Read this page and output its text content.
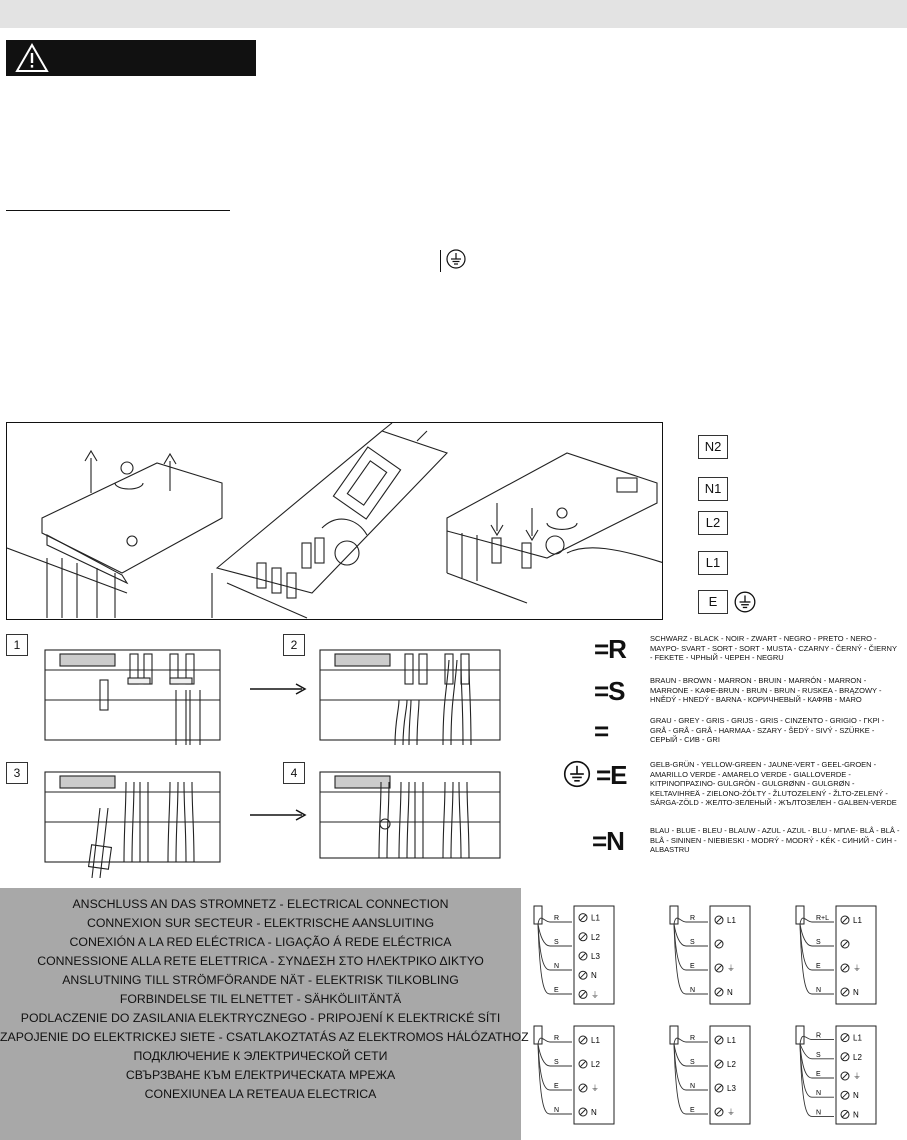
N2
N1
L2
L1
E
1	2
3	4
=R	SCHWARZ - BLACK - NOIR - ZWART - NEGRO - PRETO - NERO - ΜΑΥΡΟ- SVART - SORT - SORT - MUSTA - CZARNY - ČERNÝ - ČIERNY - FEKETE - ЧРНЫЙ - ЧЕРЕН - NEGRU
=S	BRAUN - BROWN - MARRON - BRUIN - MARRÓN - MARRON - MARRONE - ΚΑΦΕ-BRUN - BRUN - BRUN - RUSKEA - BRĄZOWY - HNĚDÝ - HNEDÝ - BARNA - КОРИЧНЕВЫЙ - КАФЯВ - MARO
=	GRAU - GREY - GRIS - GRIJS - GRIS - CINZENTO - GRIGIO - ΓΚΡΙ - GRÅ - GRÅ - GRÅ - HARMAA - SZARY - ŠEDÝ - SIVÝ - SZÜRKE - СЕРЫЙ - СИВ - GRI
=E	GELB-GRÜN - YELLOW-GREEN - JAUNE-VERT - GEEL-GROEN - AMARILLO VERDE - AMARELO VERDE - GIALLOVERDE - ΚΙΤΡΙΝΟΠΡΑΣΙΝΟ- GULGRÖN - GULGRØNN - GULGRØN - KELTAVIHREÄ - ZIELONO-ŻÓŁTY - ŽLUTOZELENÝ - ŽLTO-ZELENÝ - SÁRGA-ZÖLD - ЖЕЛТО-ЗЕЛЕНЫЙ - ЖЪЛТОЗЕЛЕН - GALBEN-VERDE
=N	BLAU - BLUE - BLEU - BLAUW - AZUL - AZUL - BLU - ΜΠΛΕ- BLÅ - BLÅ - BLÅ - SININEN - NIEBIESKI - MODRÝ - MODRÝ - KÉK - СИНИЙ - СИН - ALBASTRU
ANSCHLUSS AN DAS STROMNETZ - ELECTRICAL CONNECTION
CONNEXION SUR SECTEUR - ELEKTRISCHE AANSLUITING
CONEXIÓN A LA RED ELÉCTRICA - LIGAÇÃO Á REDE ELÉCTRICA
CONNESSIONE ALLA RETE ELETTRICA - ΣΥΝΔΕΣΗ ΣΤΟ ΗΛΕΚΤΡΙΚΟ ΔΙΚΤΥΟ
ANSLUTNING TILL STRÖMFÖRANDE NÄT - ELEKTRISK TILKOBLING
FORBINDELSE TIL ELNETTET - SÄHKÖLIITÄNTÄ
PODLACZENIE DO ZASILANIA ELEKTRYCZNEGO - PRIPOJENÍ K ELEKTRICKÉ SÍTI
ZAPOJENIE DO ELEKTRICKEJ SIETE - CSATLAKOZTATÁS AZ ELEKTROMOS HÁLÓZATHOZ
ПОДКЛЮЧЕНИЕ К ЭЛЕКТРИЧЕСКОЙ СЕТИ
СВЪРЗВАНЕ КЪМ ЕЛЕКТРИЧЕСКАТА МРЕЖА
CONEXIUNEA LA RETEAUA ELECTRICA
L1
L2
L3
N
⏚
R
S
N
E
L1
⏚
N
R
S
E
N
L1
⏚
N
R+L
S
E
N
L1
L2
⏚
N
R
S
E
N
L1
L2
L3
⏚
R
S
N
E
L1
L2
⏚
N
N
R
S
E
N
N
